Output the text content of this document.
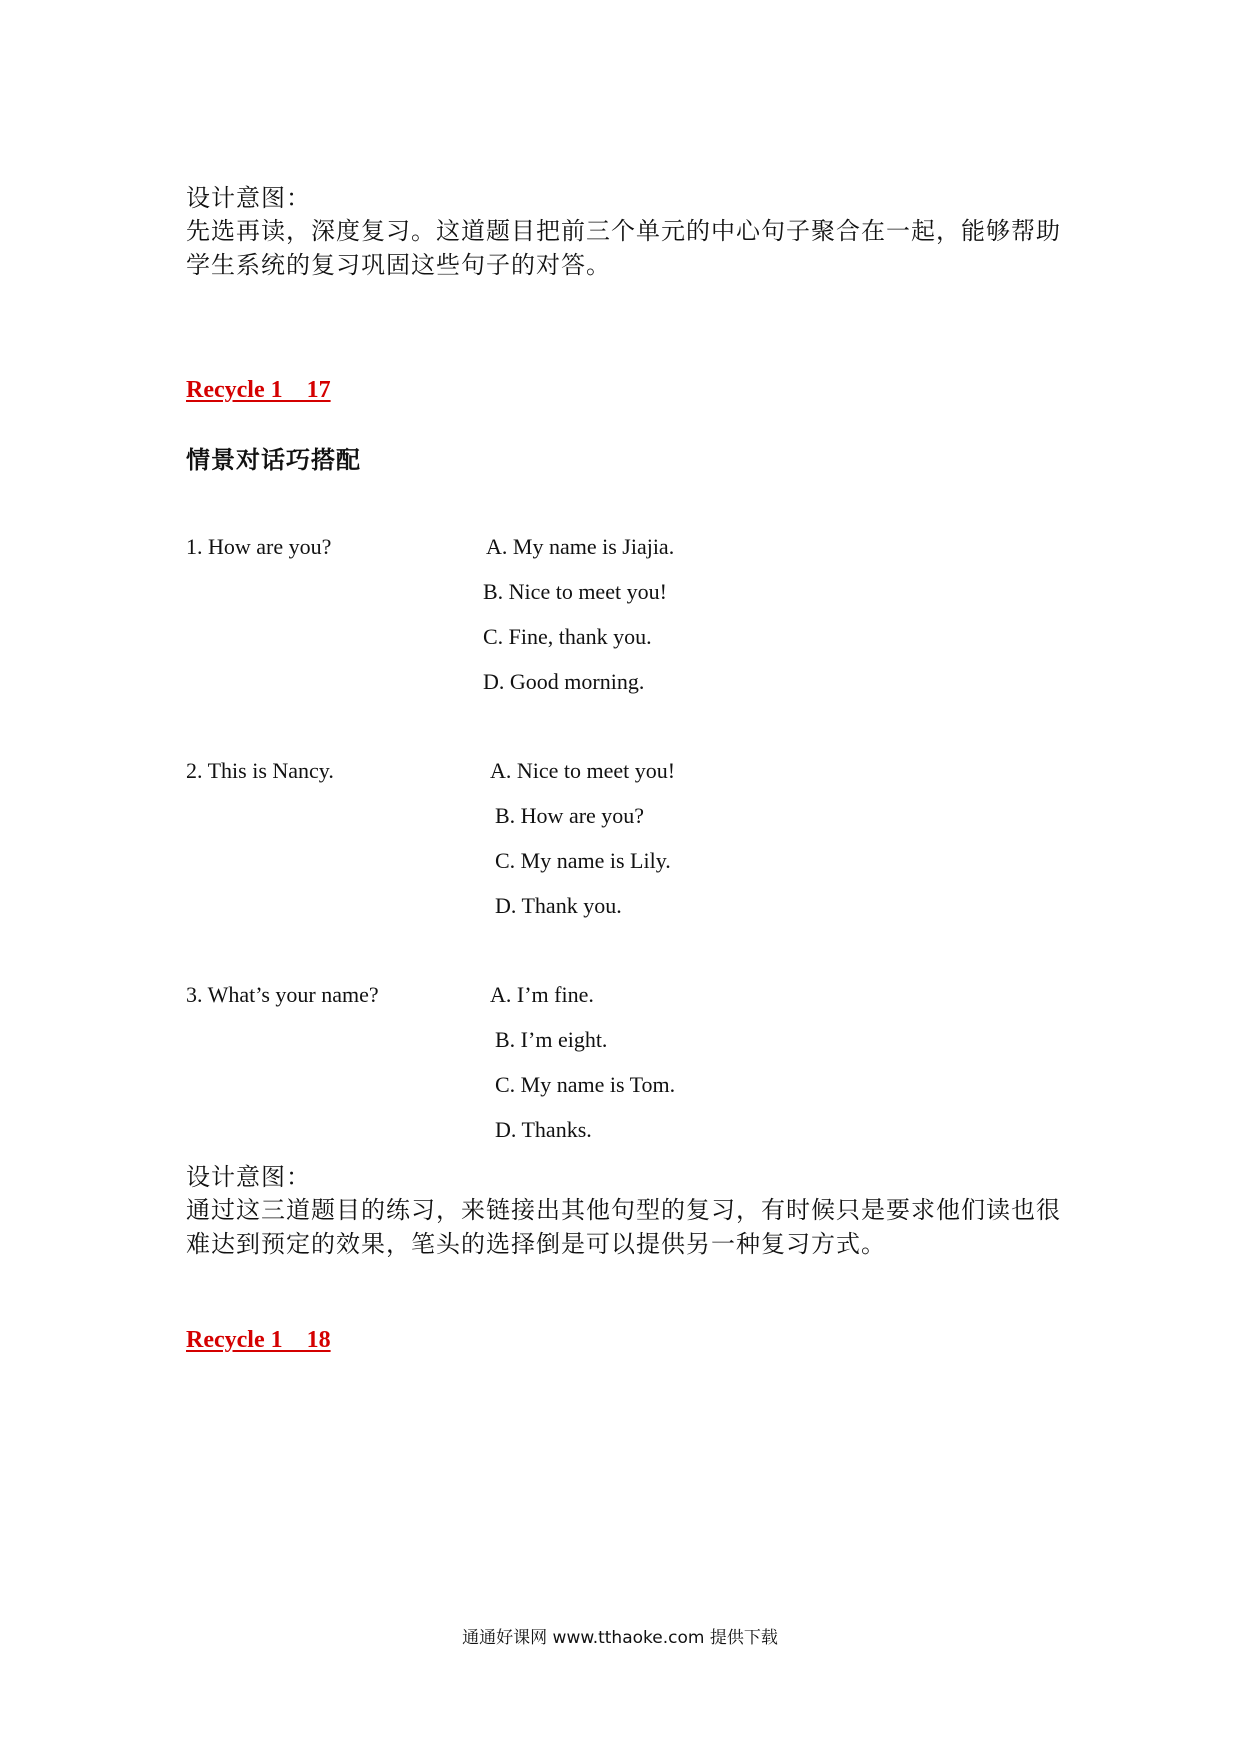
设计意图：
先选再读，深度复习。这道题目把前三个单元的中心句子聚合在一起，能够帮助
学生系统的复习巩固这些句子的对答。
Recycle 1    17
情景对话巧搭配
1. How are you?	A. My name is Jiajia.
B. Nice to meet you!
C. Fine, thank you.
D. Good morning.
2. This is Nancy.	A. Nice to meet you!
B. How are you?
C. My name is Lily.
D. Thank you.
3. What’s your name?	A. I’m fine.
B. I’m eight.
C. My name is Tom.
D. Thanks.
设计意图：
通过这三道题目的练习，来链接出其他句型的复习，有时候只是要求他们读也很
难达到预定的效果，笔头的选择倒是可以提供另一种复习方式。
Recycle 1    18
通通好课网 www.tthaoke.com 提供下载
